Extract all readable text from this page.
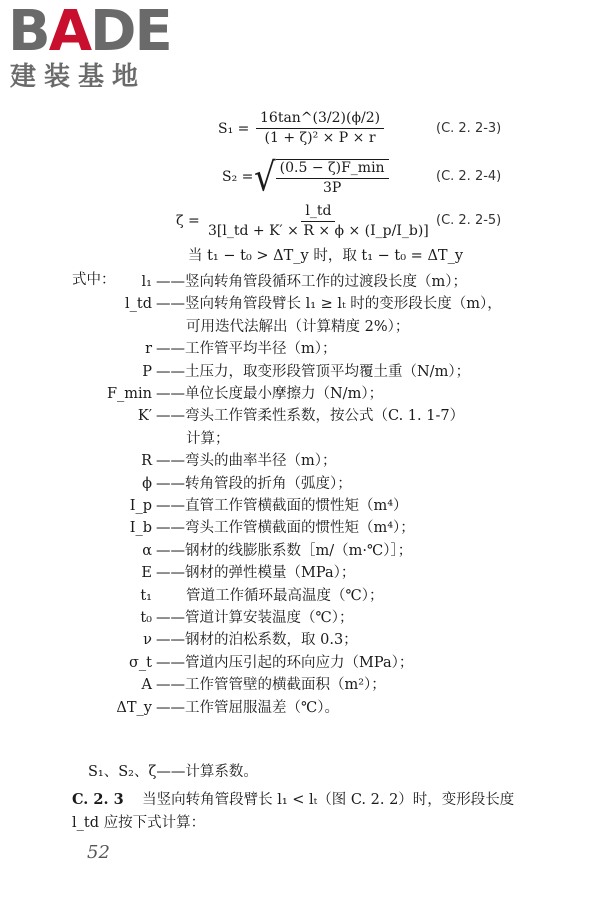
BADE
建装基地
$S_1 = \frac{16\tan\^{}(3/2)(\phi/2)}{\text{(1 + ζ)² × P × r}}$	(C. 2. 2-3)
S₂ = √ $\frac{(0.5 - \zeta)F\_\min}{3P}$	(C. 2. 2-4)
$\zeta = \frac{l\_td}{3[l\_td + K' \times R \times \phi \times (I\_p/I\_b)]} (C$. 2. 2-5)
当 t₁ − t₀ > ΔT_y 时，取 t₁ − t₀ = ΔT_y
式中：	l₁ ——竖向转角管段循环工作的过渡段长度（m）；
l_td ——竖向转角管段臂长 l₁ ≥ lₜ 时的变形段长度（m），
可用迭代法解出（计算精度 2%）；
r ——工作管平均半径（m）；
P ——土压力，取变形段管顶平均覆土重（N/m）；
F_min ——单位长度最小摩擦力（N/m）；
K′ ——弯头工作管柔性系数，按公式（C. 1. 1-7）
计算；
R ——弯头的曲率半径（m）；
ϕ ——转角管段的折角（弧度）；
I_p ——直管工作管横截面的惯性矩（m⁴）
I_b ——弯头工作管横截面的惯性矩（m⁴）；
α ——钢材的线膨胀系数［m/（m·℃）］；
E ——钢材的弹性模量（MPa）；
t₁ 管道工作循环最高温度（℃）；
t₀ ——管道计算安装温度（℃）；
ν ——钢材的泊松系数，取 0.3；
σ_t ——管道内压引起的环向应力（MPa）；
A ——工作管管壁的横截面积（m²）；
ΔT_y ——工作管屈服温差（℃）。
S₁、S₂、ζ——计算系数。
C. 2. 3 当竖向转角管段臂长 l₁ < lₜ（图 C. 2. 2）时，变形段长度
l_td 应按下式计算：
52
